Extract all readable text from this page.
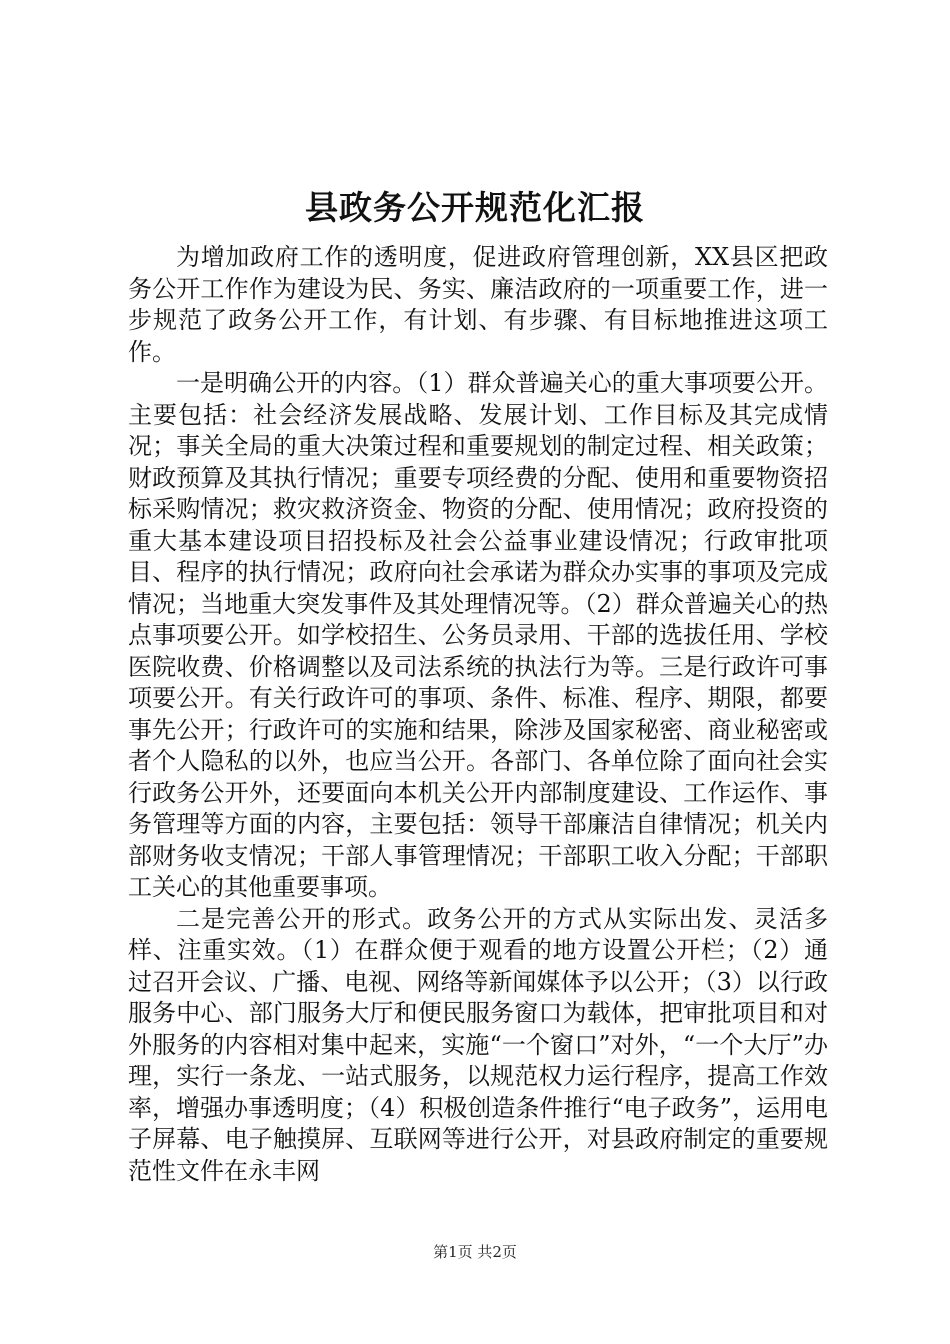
县政务公开规范化汇报

为增加政府工作的透明度，促进政府管理创新，XX县区把政务公开工作作为建设为民、务实、廉洁政府的一项重要工作，进一步规范了政务公开工作，有计划、有步骤、有目标地推进这项工作。

一是明确公开的内容。（1）群众普遍关心的重大事项要公开。主要包括：社会经济发展战略、发展计划、工作目标及其完成情况；事关全局的重大决策过程和重要规划的制定过程、相关政策；财政预算及其执行情况；重要专项经费的分配、使用和重要物资招标采购情况；救灾救济资金、物资的分配、使用情况；政府投资的重大基本建设项目招投标及社会公益事业建设情况；行政审批项目、程序的执行情况；政府向社会承诺为群众办实事的事项及完成情况；当地重大突发事件及其处理情况等。（2）群众普遍关心的热点事项要公开。如学校招生、公务员录用、干部的选拔任用、学校医院收费、价格调整以及司法系统的执法行为等。三是行政许可事项要公开。有关行政许可的事项、条件、标准、程序、期限，都要事先公开；行政许可的实施和结果，除涉及国家秘密、商业秘密或者个人隐私的以外，也应当公开。各部门、各单位除了面向社会实行政务公开外，还要面向本机关公开内部制度建设、工作运作、事务管理等方面的内容，主要包括：领导干部廉洁自律情况；机关内部财务收支情况；干部人事管理情况；干部职工收入分配；干部职工关心的其他重要事项。

二是完善公开的形式。政务公开的方式从实际出发、灵活多样、注重实效。（1）在群众便于观看的地方设置公开栏；（2）通过召开会议、广播、电视、网络等新闻媒体予以公开；（3）以行政服务中心、部门服务大厅和便民服务窗口为载体，把审批项目和对外服务的内容相对集中起来，实施“一个窗口”对外，“一个大厅”办理，实行一条龙、一站式服务，以规范权力运行程序，提高工作效率，增强办事透明度；（4）积极创造条件推行“电子政务”，运用电子屏幕、电子触摸屏、互联网等进行公开，对县政府制定的重要规范性文件在永丰网

第1页 共2页
